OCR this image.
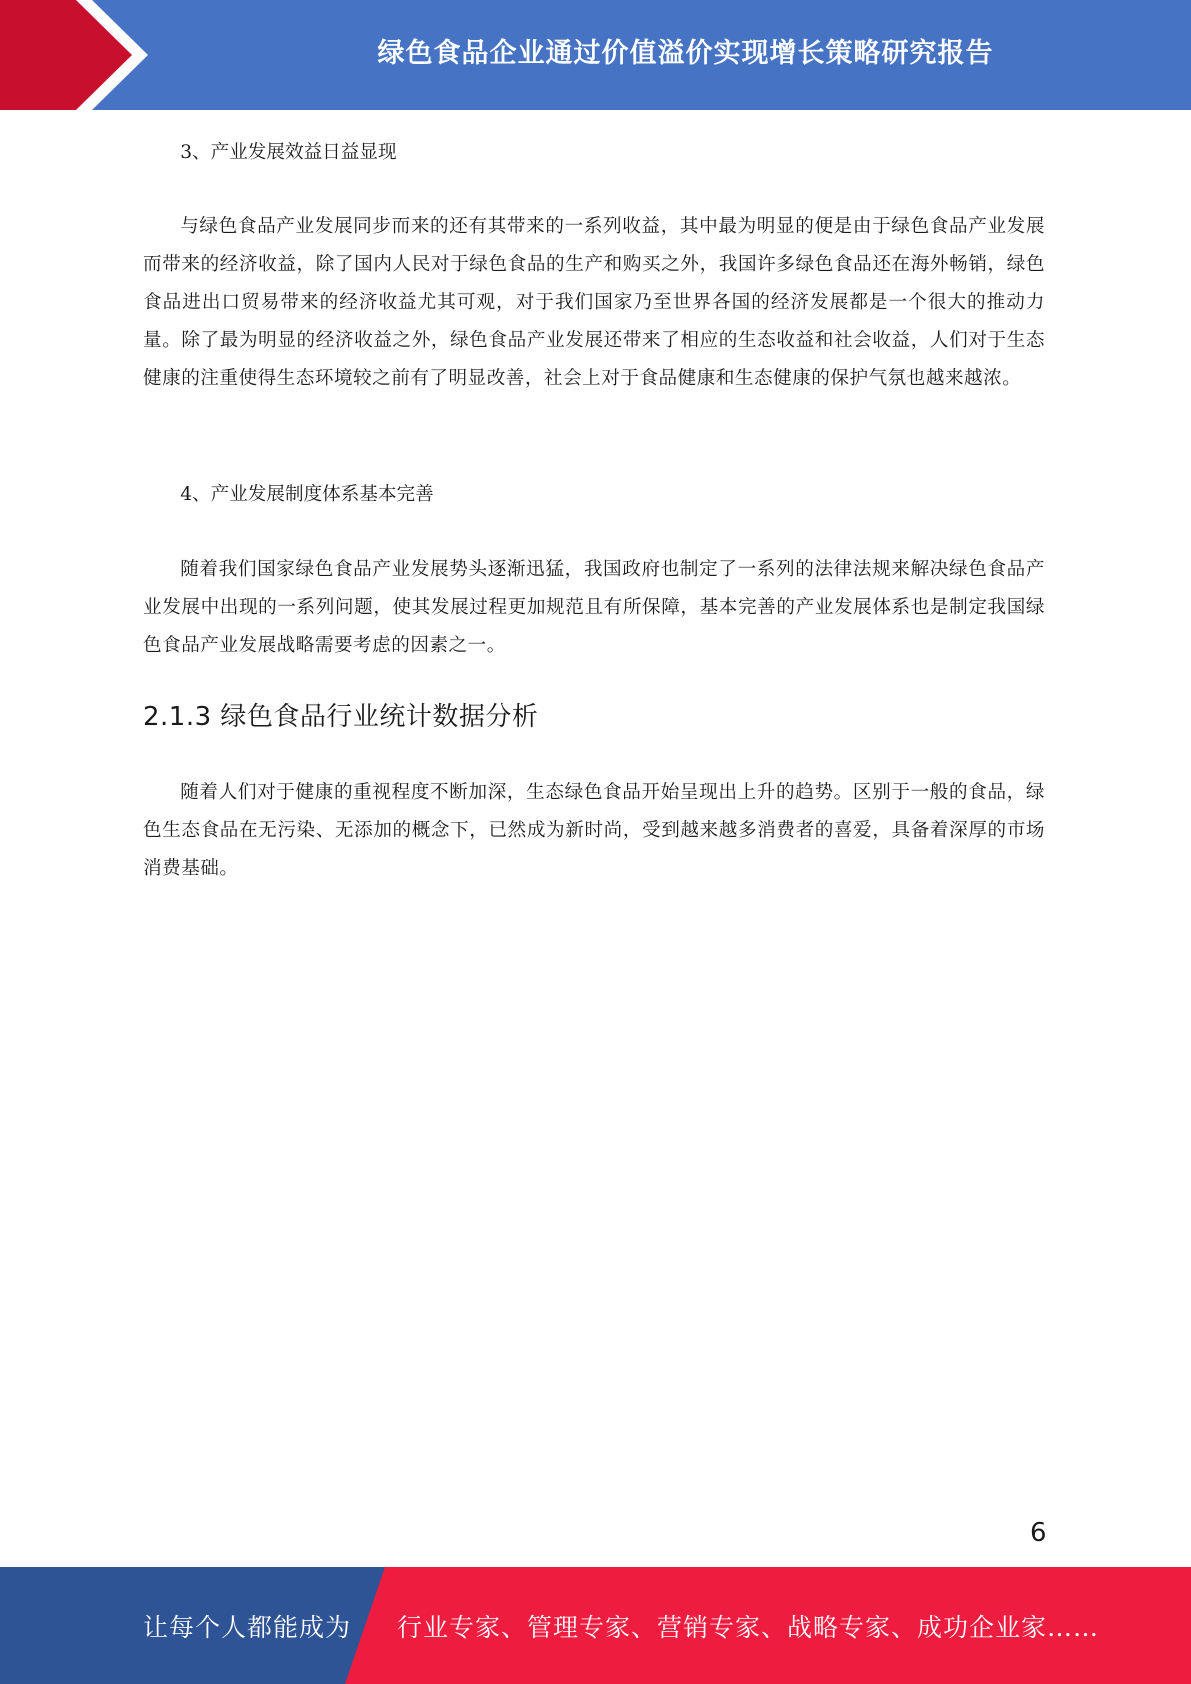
绿色食品企业通过价值溢价实现增长策略研究报告

3、产业发展效益日益显现

与绿色食品产业发展同步而来的还有其带来的一系列收益，其中最为明显的便是由于绿色食品产业发展而带来的经济收益，除了国内人民对于绿色食品的生产和购买之外，我国许多绿色食品还在海外畅销，绿色食品进出口贸易带来的经济收益尤其可观，对于我们国家乃至世界各国的经济发展都是一个很大的推动力量。除了最为明显的经济收益之外，绿色食品产业发展还带来了相应的生态收益和社会收益，人们对于生态健康的注重使得生态环境较之前有了明显改善，社会上对于食品健康和生态健康的保护气氛也越来越浓。

4、产业发展制度体系基本完善

随着我们国家绿色食品产业发展势头逐渐迅猛，我国政府也制定了一系列的法律法规来解决绿色食品产业发展中出现的一系列问题，使其发展过程更加规范且有所保障，基本完善的产业发展体系也是制定我国绿色食品产业发展战略需要考虑的因素之一。

2.1.3 绿色食品行业统计数据分析

随着人们对于健康的重视程度不断加深，生态绿色食品开始呈现出上升的趋势。区别于一般的食品，绿色生态食品在无污染、无添加的概念下，已然成为新时尚，受到越来越多消费者的喜爱，具备着深厚的市场消费基础。

6
让每个人都能成为 行业专家、管理专家、营销专家、战略专家、成功企业家……
